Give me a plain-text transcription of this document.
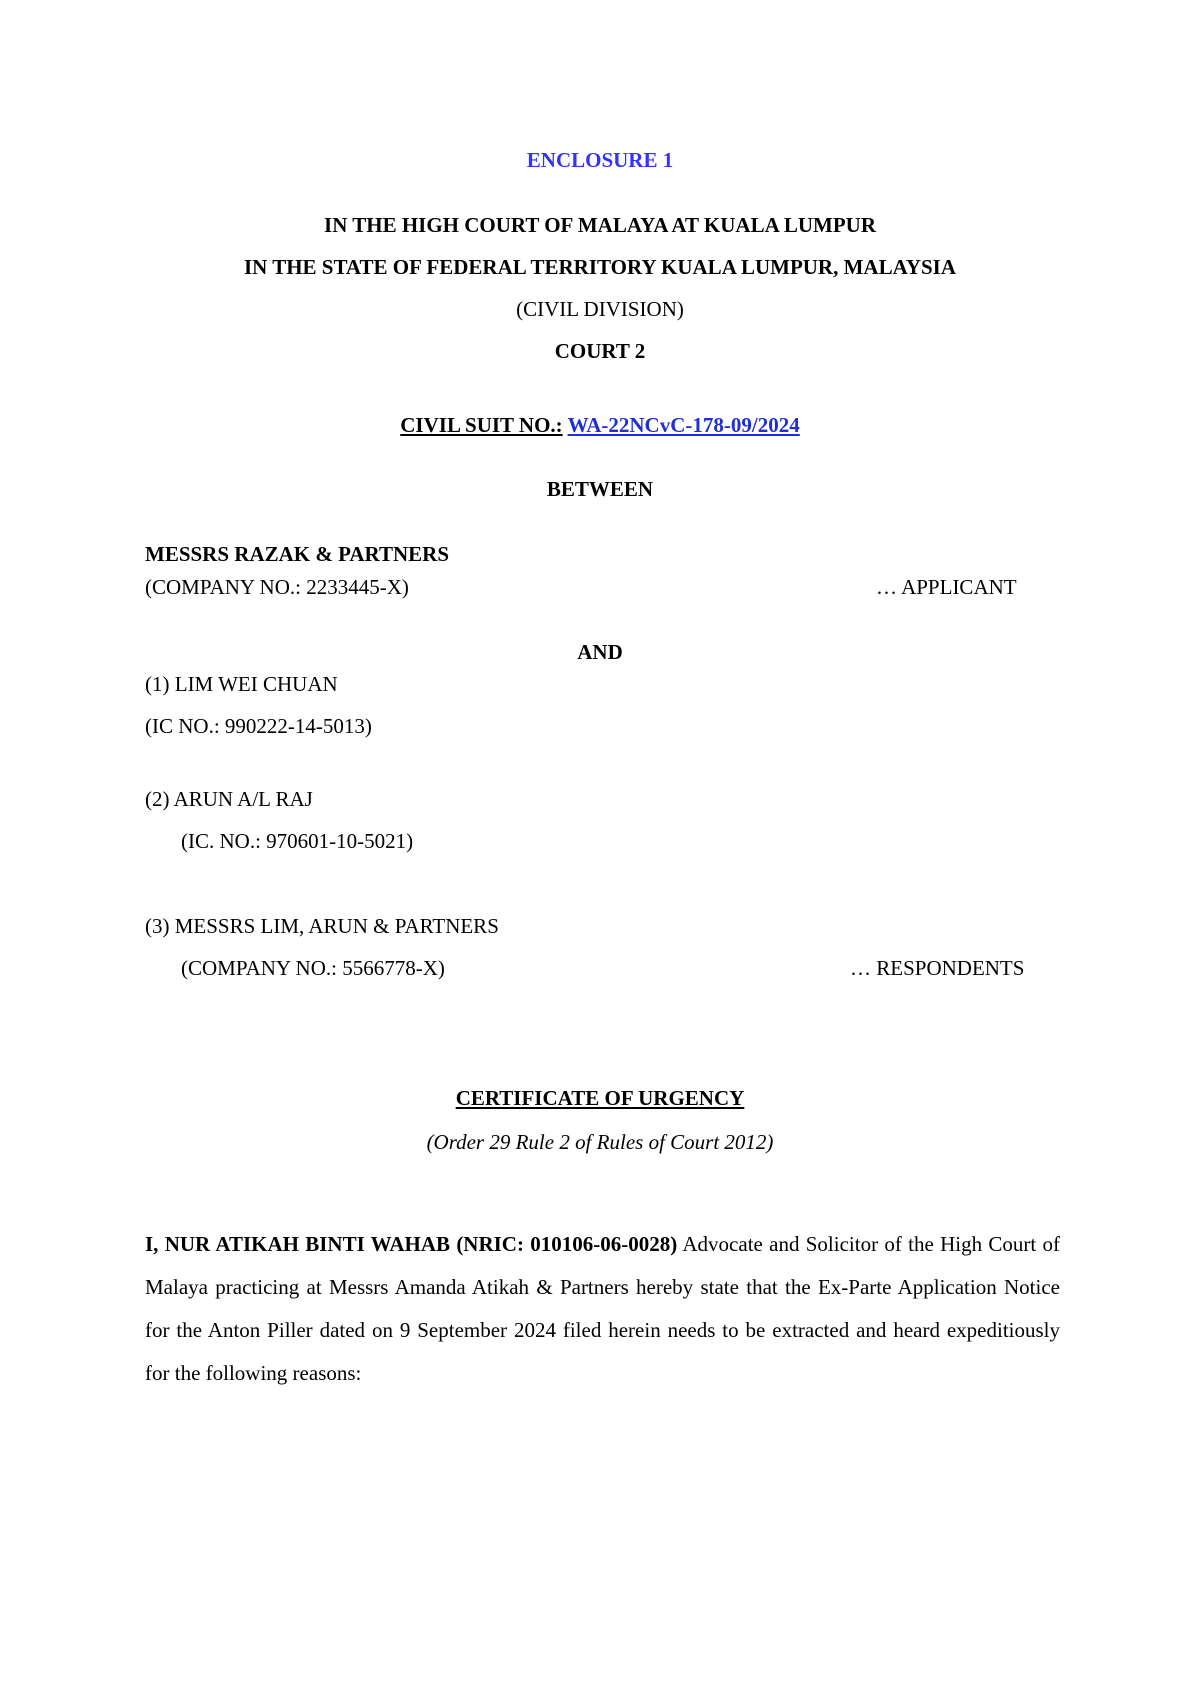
ENCLOSURE 1
IN THE HIGH COURT OF MALAYA AT KUALA LUMPUR
IN THE STATE OF FEDERAL TERRITORY KUALA LUMPUR, MALAYSIA
(CIVIL DIVISION)
COURT 2
CIVIL SUIT NO.: WA-22NCvC-178-09/2024
BETWEEN
MESSRS RAZAK & PARTNERS
(COMPANY NO.: 2233445-X)	… APPLICANT
AND
(1) LIM WEI CHUAN
(IC NO.: 990222-14-5013)
(2) ARUN A/L RAJ
(IC. NO.: 970601-10-5021)
(3) MESSRS LIM, ARUN & PARTNERS
(COMPANY NO.: 5566778-X)	… RESPONDENTS
CERTIFICATE OF URGENCY
(Order 29 Rule 2 of Rules of Court 2012)
I, NUR ATIKAH BINTI WAHAB (NRIC: 010106-06-0028) Advocate and Solicitor of the High Court of Malaya practicing at Messrs Amanda Atikah & Partners hereby state that the Ex-Parte Application Notice for the Anton Piller dated on 9 September 2024 filed herein needs to be extracted and heard expeditiously for the following reasons:
